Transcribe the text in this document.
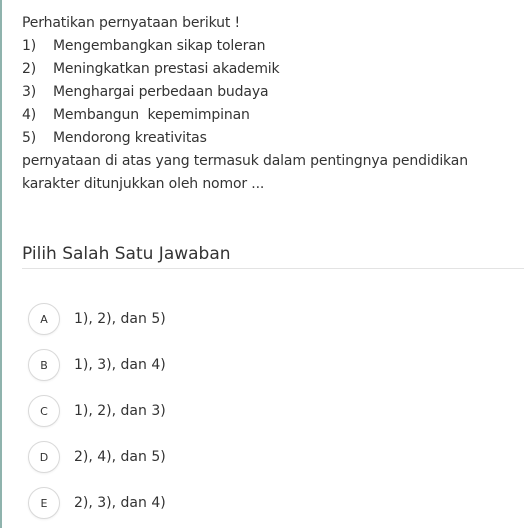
Perhatikan pernyataan berikut !

1)	Mengembangkan sikap toleran
2)	Meningkatkan prestasi akademik
3)	Menghargai perbedaan budaya
4)	Membangun  kepemimpinan
5)	Mendorong kreativitas

pernyataan di atas yang termasuk dalam pentingnya pendidikan karakter ditunjukkan oleh nomor ...

Pilih Salah Satu Jawaban
A	1), 2), dan 5)
B	1), 3), dan 4)
C	1), 2), dan 3)
D	2), 4), dan 5)
E	2), 3), dan 4)
